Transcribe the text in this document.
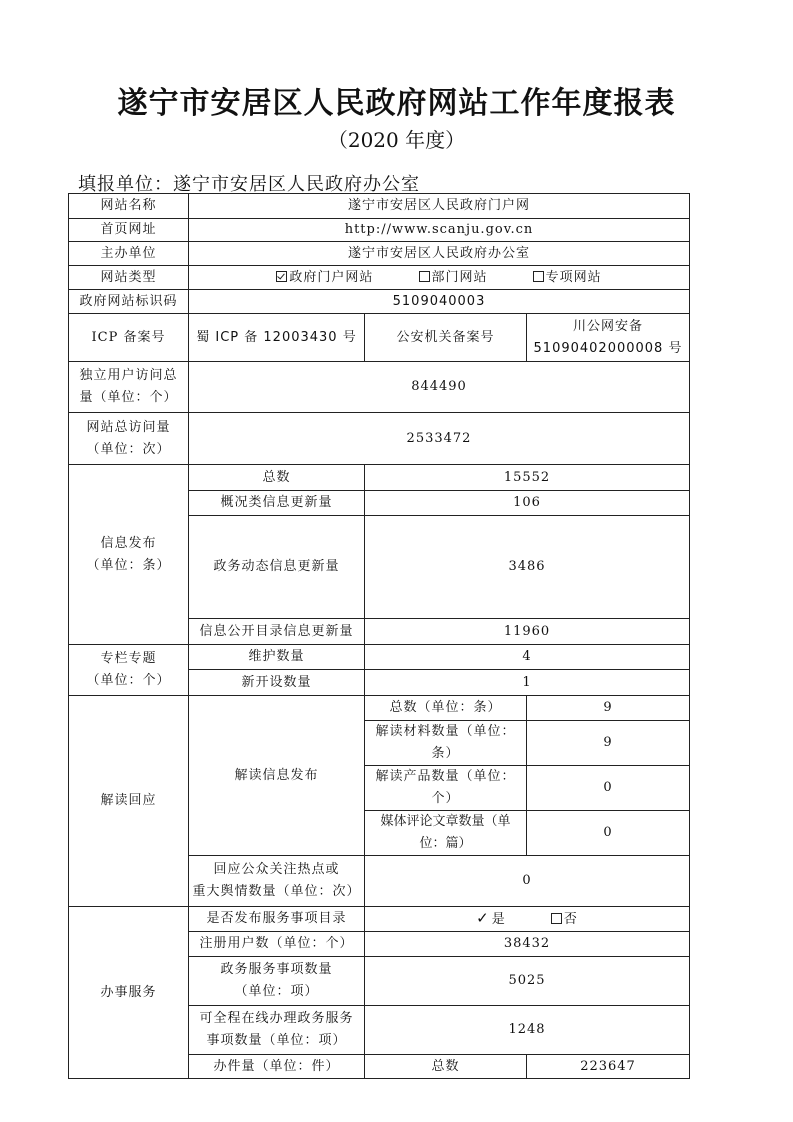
遂宁市安居区人民政府网站工作年度报表
（2020 年度）
填报单位：遂宁市安居区人民政府办公室
网站名称	遂宁市安居区人民政府门户网		
首页网址	http://www.scanju.gov.cn		
主办单位	遂宁市安居区人民政府办公室		
网站类型	政府门户网站 部门网站 专项网站		
政府网站标识码	5109040003		
ICP 备案号	蜀 ICP 备 12003430 号	公安机关备案号	川公网安备
51090402000008 号

独立用户访问总
量（单位：个）	844490		

网站总访问量
（单位：次）	2533472		

信息发布
（单位：条）	总数	15552	
	概况类信息更新量	106	
	政务动态信息更新量	3486	
	信息公开目录信息更新量	11960	

专栏专题
（单位：个）	维护数量	4	
	新开设数量	1	
解读回应	解读信息发布	总数（单位：条）	9
		解读材料数量（单位：条）	9
		解读产品数量（单位：个）	0
		媒体评论文章数量（单位：篇）	0

	回应公众关注热点或
重大舆情数量（单位：次）	0	
办事服务	是否发布服务事项目录	✓ 是 否	
	注册用户数（单位：个）	38432	

	政务服务事项数量
（单位：项）	5025	

	可全程在线办理政务服务
事项数量（单位：项）	1248	
	办件量（单位：件）	总数	223647
